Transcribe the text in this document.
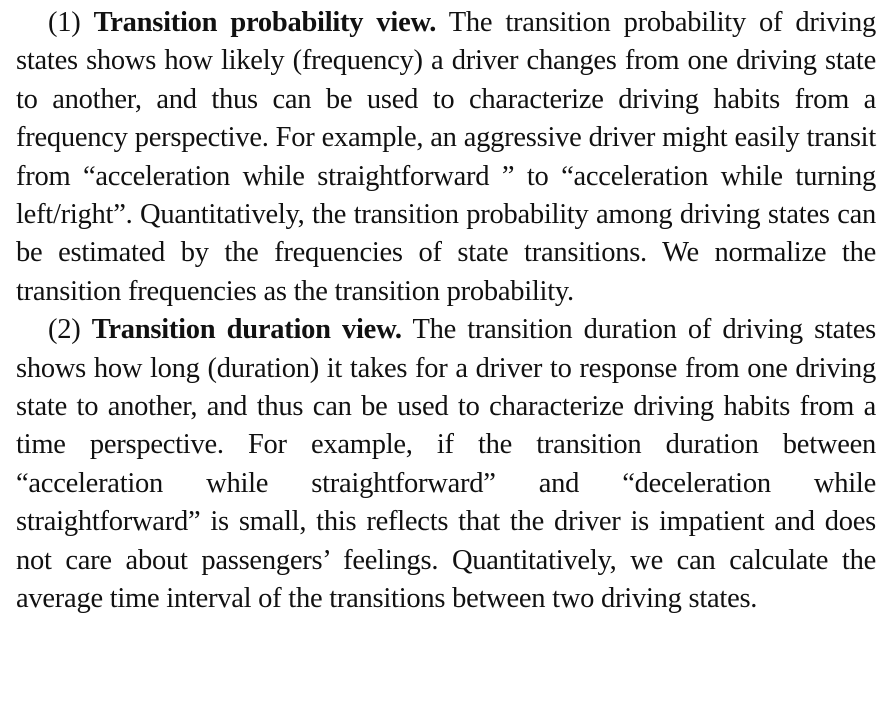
(1) Transition probability view. The transition probability of driving states shows how likely (frequency) a driver changes from one driving state to another, and thus can be used to characterize driving habits from a frequency perspective. For example, an aggressive driver might easily transit from “acceleration while straightforward ” to “acceleration while turning left/right”. Quantitatively, the transition probability among driving states can be estimated by the frequencies of state transitions. We normalize the transition frequencies as the transition probability.

(2) Transition duration view. The transition duration of driving states shows how long (duration) it takes for a driver to response from one driving state to another, and thus can be used to characterize driving habits from a time perspective. For example, if the transition duration between “acceleration while straightforward” and “deceleration while straightforward” is small, this reflects that the driver is impatient and does not care about passengers’ feelings. Quantitatively, we can calculate the average time interval of the transitions between two driving states.
